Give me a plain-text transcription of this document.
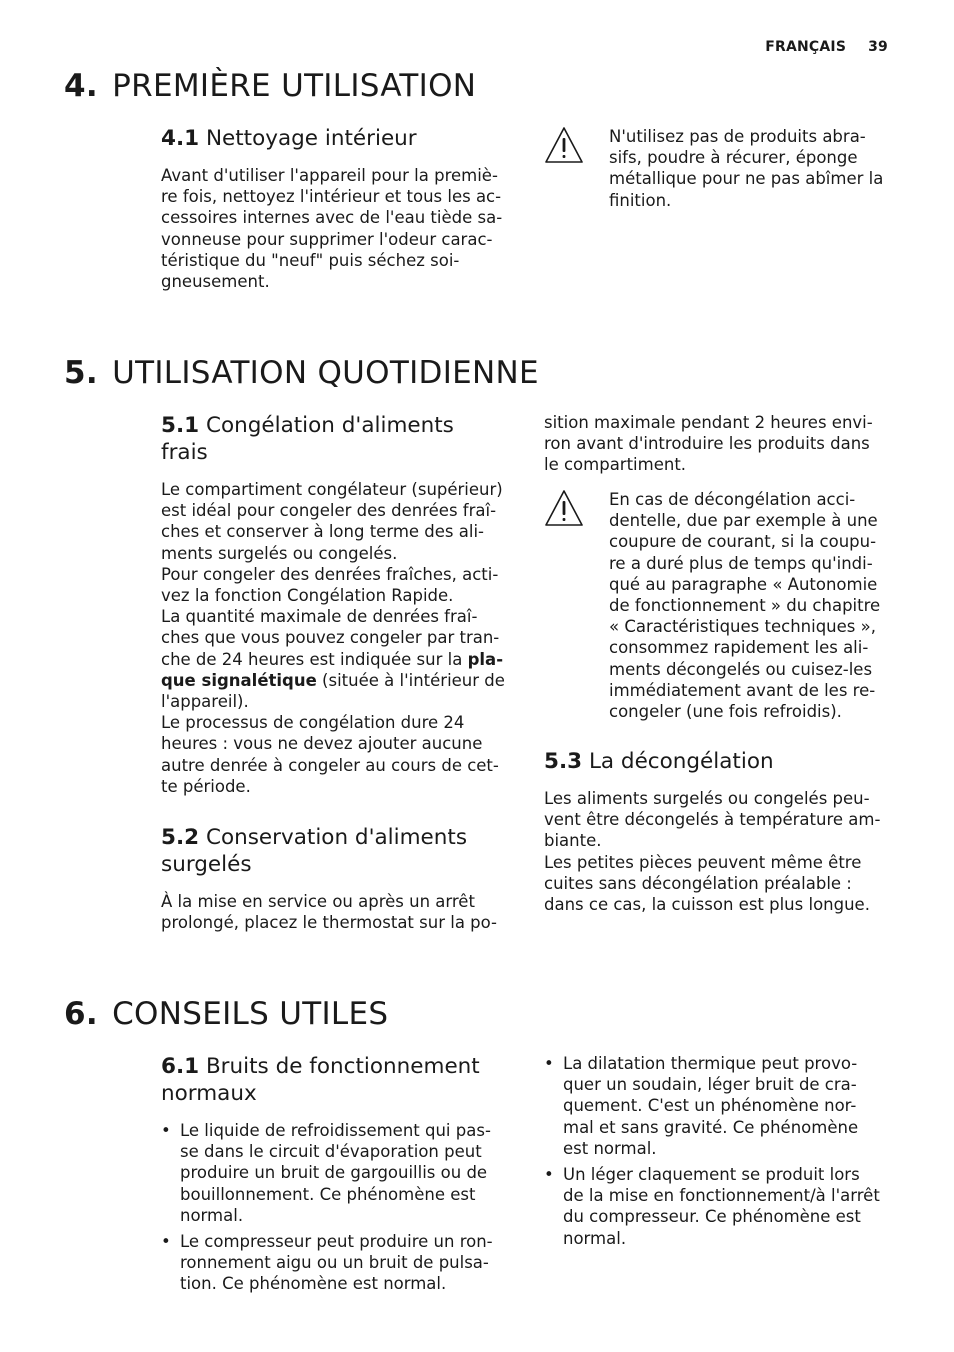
FRANÇAIS 39
4. PREMIÈRE UTILISATION
4.1 Nettoyage intérieur
Avant d'utiliser l'appareil pour la premiè-
re fois, nettoyez l'intérieur et tous les ac-
cessoires internes avec de l'eau tiède sa-
vonneuse pour supprimer l'odeur carac-
téristique du "neuf" puis séchez soi-
gneusement.
N'utilisez pas de produits abra-
sifs, poudre à récurer, éponge
métallique pour ne pas abîmer la
finition.
5. UTILISATION QUOTIDIENNE
5.1 Congélation d'aliments
frais
Le compartiment congélateur (supérieur)
est idéal pour congeler des denrées fraî-
ches et conserver à long terme des ali-
ments surgelés ou congelés.
Pour congeler des denrées fraîches, acti-
vez la fonction Congélation Rapide.
La quantité maximale de denrées fraî-
ches que vous pouvez congeler par tran-
che de 24 heures est indiquée sur la pla-
que signalétique (située à l'intérieur de
l'appareil).
Le processus de congélation dure 24
heures : vous ne devez ajouter aucune
autre denrée à congeler au cours de cet-
te période.
5.2 Conservation d'aliments
surgelés
À la mise en service ou après un arrêt
prolongé, placez le thermostat sur la po-
sition maximale pendant 2 heures envi-
ron avant d'introduire les produits dans
le compartiment.
En cas de décongélation acci-
dentelle, due par exemple à une
coupure de courant, si la coupu-
re a duré plus de temps qu'indi-
qué au paragraphe « Autonomie
de fonctionnement » du chapitre
« Caractéristiques techniques »,
consommez rapidement les ali-
ments décongelés ou cuisez-les
immédiatement avant de les re-
congeler (une fois refroidis).
5.3 La décongélation
Les aliments surgelés ou congelés peu-
vent être décongelés à température am-
biante.
Les petites pièces peuvent même être
cuites sans décongélation préalable :
dans ce cas, la cuisson est plus longue.
6. CONSEILS UTILES
6.1 Bruits de fonctionnement
normaux
• Le liquide de refroidissement qui pas-
se dans le circuit d'évaporation peut
produire un bruit de gargouillis ou de
bouillonnement. Ce phénomène est
normal.
• Le compresseur peut produire un ron-
ronnement aigu ou un bruit de pulsa-
tion. Ce phénomène est normal.
• La dilatation thermique peut provo-
quer un soudain, léger bruit de cra-
quement. C'est un phénomène nor-
mal et sans gravité. Ce phénomène
est normal.
• Un léger claquement se produit lors
de la mise en fonctionnement/à l'arrêt
du compresseur. Ce phénomène est
normal.
